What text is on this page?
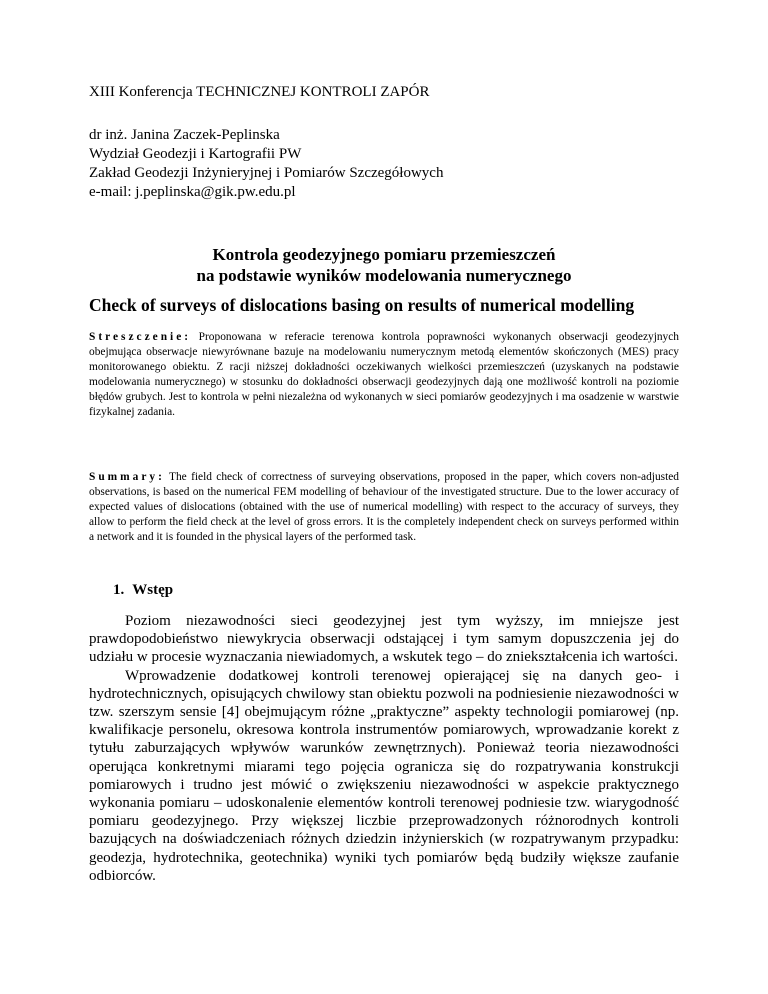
XIII Konferencja TECHNICZNEJ KONTROLI ZAPÓR
dr inż. Janina Zaczek-Peplinska
Wydział Geodezji i Kartografii PW
Zakład Geodezji Inżynieryjnej i Pomiarów Szczegółowych
e-mail: j.peplinska@gik.pw.edu.pl
Kontrola geodezyjnego pomiaru przemieszczeń
na podstawie wyników modelowania numerycznego
Check of surveys of dislocations basing on results of numerical modelling
Streszczenie: Proponowana w referacie terenowa kontrola poprawności wykonanych obserwacji geodezyjnych obejmująca obserwacje niewyrównane bazuje na modelowaniu numerycznym metodą elementów skończonych (MES) pracy monitorowanego obiektu. Z racji niższej dokładności oczekiwanych wielkości przemieszczeń (uzyskanych na podstawie modelowania numerycznego) w stosunku do dokładności obserwacji geodezyjnych dają one możliwość kontroli na poziomie błędów grubych. Jest to kontrola w pełni niezależna od wykonanych w sieci pomiarów geodezyjnych i ma osadzenie w warstwie fizykalnej zadania.
Summary: The field check of correctness of surveying observations, proposed in the paper, which covers non-adjusted observations, is based on the numerical FEM modelling of behaviour of the investigated structure. Due to the lower accuracy of expected values of dislocations (obtained with the use of numerical modelling) with respect to the accuracy of surveys, they allow to perform the field check at the level of gross errors. It is the completely independent check on surveys performed within a network and it is founded in the physical layers of the performed task.
1. Wstęp

Poziom niezawodności sieci geodezyjnej jest tym wyższy, im mniejsze jest prawdopodobieństwo niewykrycia obserwacji odstającej i tym samym dopuszczenia jej do udziału w procesie wyznaczania niewiadomych, a wskutek tego – do zniekształcenia ich wartości.

Wprowadzenie dodatkowej kontroli terenowej opierającej się na danych geo- i hydrotechnicznych, opisujących chwilowy stan obiektu pozwoli na podniesienie niezawodności w tzw. szerszym sensie [4] obejmującym różne „praktyczne” aspekty technologii pomiarowej (np. kwalifikacje personelu, okresowa kontrola instrumentów pomiarowych, wprowadzanie korekt z tytułu zaburzających wpływów warunków zewnętrznych). Ponieważ teoria niezawodności operująca konkretnymi miarami tego pojęcia ogranicza się do rozpatrywania konstrukcji pomiarowych i trudno jest mówić o zwiększeniu niezawodności w aspekcie praktycznego wykonania pomiaru – udoskonalenie elementów kontroli terenowej podniesie tzw. wiarygodność pomiaru geodezyjnego. Przy większej liczbie przeprowadzonych różnorodnych kontroli bazujących na doświadczeniach różnych dziedzin inżynierskich (w rozpatrywanym przypadku: geodezja, hydrotechnika, geotechnika) wyniki tych pomiarów będą budziły większe zaufanie odbiorców.
